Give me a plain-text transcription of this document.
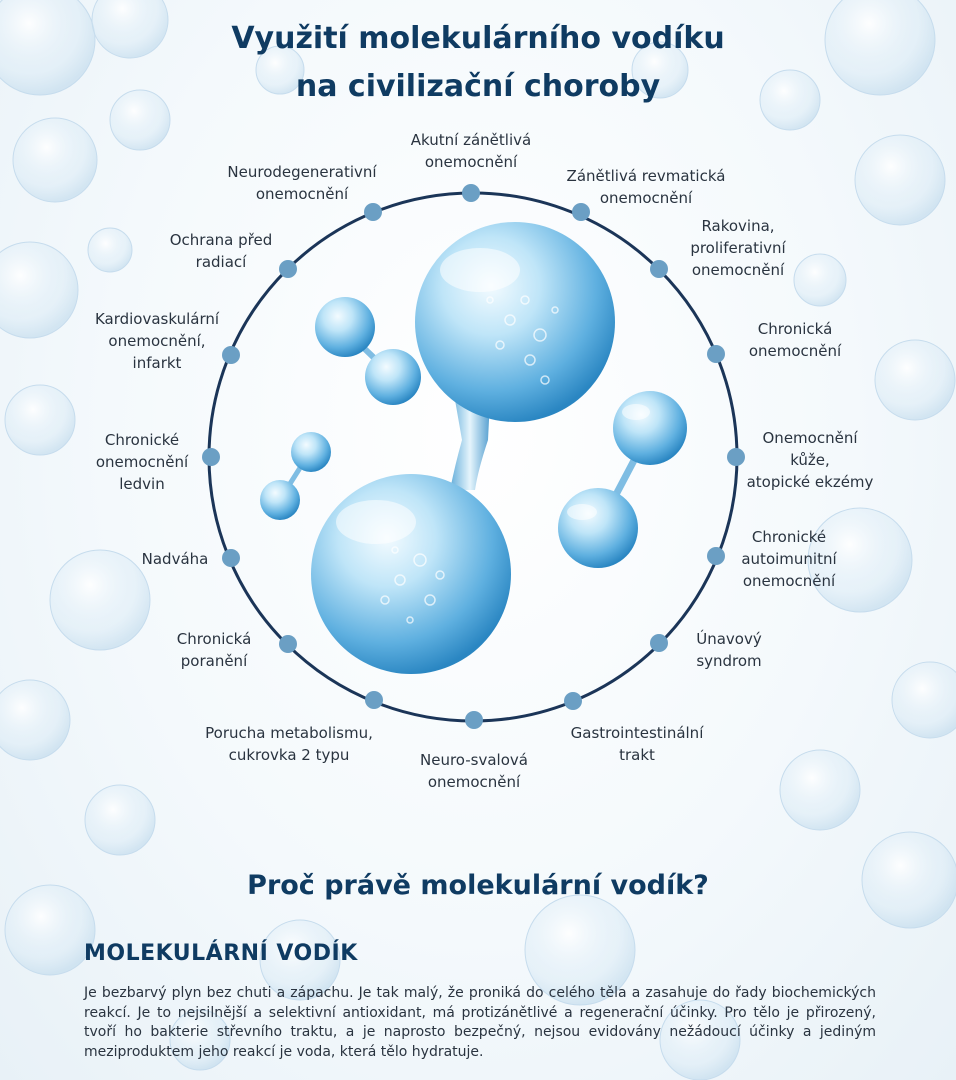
Využití molekulárního vodíku
na civilizační choroby
Akutní zánětlivá
onemocnění
Zánětlivá revmatická
onemocnění
Rakovina,
proliferativní
onemocnění
Chronická
onemocnění
Onemocnění
kůže,
atopické ekzémy
Chronické
autoimunitní
onemocnění
Únavový
syndrom
Gastrointestinální
trakt
Neuro-svalová
onemocnění
Porucha metabolismu,
cukrovka 2 typu
Chronická
poranění
Nadváha
Chronické
onemocnění
ledvin
Kardiovaskulární
onemocnění,
infarkt
Ochrana před
radiací
Neurodegenerativní
onemocnění
Proč právě molekulární vodík?
MOLEKULÁRNÍ VODÍK
Je bezbarvý plyn bez chuti a zápachu. Je tak malý, že proniká do celého těla a zasahuje do řady biochemických reakcí. Je to nejsilnější a selektivní antioxidant, má protizánětlivé a regenerační účinky. Pro tělo je přirozený, tvoří ho bakterie střevního traktu, a je naprosto bezpečný, nejsou evidovány nežádoucí účinky a jediným meziproduktem jeho reakcí je voda, která tělo hydratuje.
